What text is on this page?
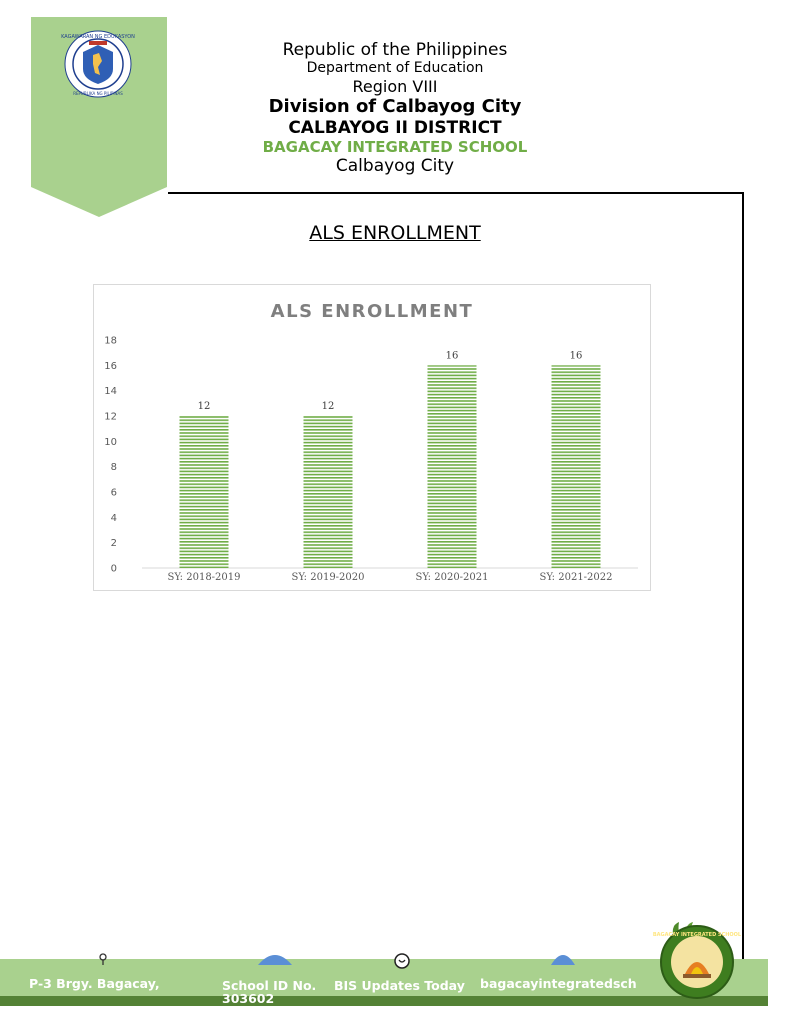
KAGAWARAN NG EDUKASYON
REPUBLIKA NG PILIPINAS
Republic of the Philippines
Department of Education
Region VIII
Division of Calbayog City
CALBAYOG II DISTRICT
BAGACAY INTEGRATED SCHOOL
Calbayog City
ALS ENROLLMENT
ALS ENROLLMENT
0
2
4
6
8
10
12
14
16
18
12
SY: 2018-2019
12
SY: 2019-2020
16
SY: 2020-2021
16
SY: 2021-2022
P-3 Brgy. Bagacay,	School ID No. BIS Updates Today bagacayintegratedsch
BAGACAY INTEGRATED SCHOOL
